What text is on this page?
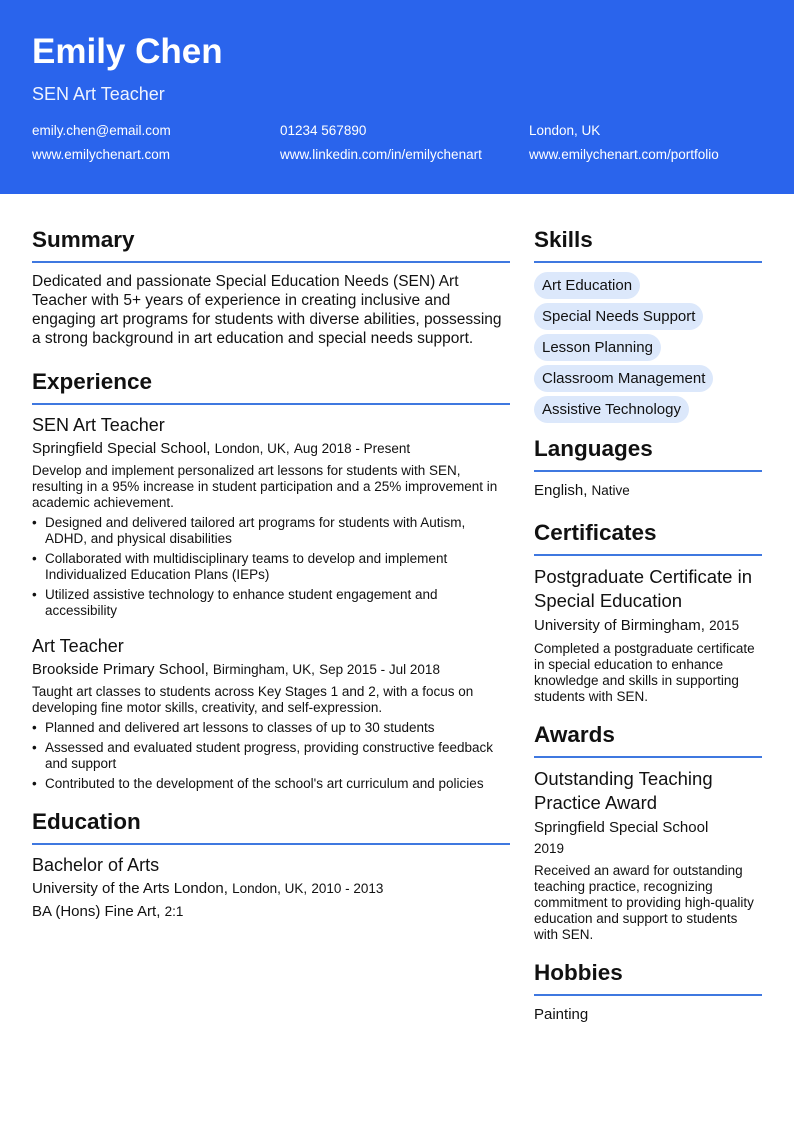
Emily Chen
SEN Art Teacher
emily.chen@email.com	01234 567890	London, UK
www.emilychenart.com	www.linkedin.com/in/emilychenart	www.emilychenart.com/portfolio
Summary
Dedicated and passionate Special Education Needs (SEN) Art Teacher with 5+ years of experience in creating inclusive and engaging art programs for students with diverse abilities, possessing a strong background in art education and special needs support.
Experience
SEN Art Teacher
Springfield Special School, London, UK, Aug 2018 - Present
Develop and implement personalized art lessons for students with SEN, resulting in a 95% increase in student participation and a 25% improvement in academic achievement.
• Designed and delivered tailored art programs for students with Autism, ADHD, and physical disabilities
• Collaborated with multidisciplinary teams to develop and implement Individualized Education Plans (IEPs)
• Utilized assistive technology to enhance student engagement and accessibility
Art Teacher
Brookside Primary School, Birmingham, UK, Sep 2015 - Jul 2018
Taught art classes to students across Key Stages 1 and 2, with a focus on developing fine motor skills, creativity, and self-expression.
• Planned and delivered art lessons to classes of up to 30 students
• Assessed and evaluated student progress, providing constructive feedback and support
• Contributed to the development of the school's art curriculum and policies
Education
Bachelor of Arts
University of the Arts London, London, UK, 2010 - 2013
BA (Hons) Fine Art, 2:1
Skills
Art Education
Special Needs Support
Lesson Planning
Classroom Management
Assistive Technology
Languages
English, Native
Certificates
Postgraduate Certificate in Special Education
University of Birmingham, 2015
Completed a postgraduate certificate in special education to enhance knowledge and skills in supporting students with SEN.
Awards
Outstanding Teaching Practice Award
Springfield Special School
2019
Received an award for outstanding teaching practice, recognizing commitment to providing high-quality education and support to students with SEN.
Hobbies
Painting
